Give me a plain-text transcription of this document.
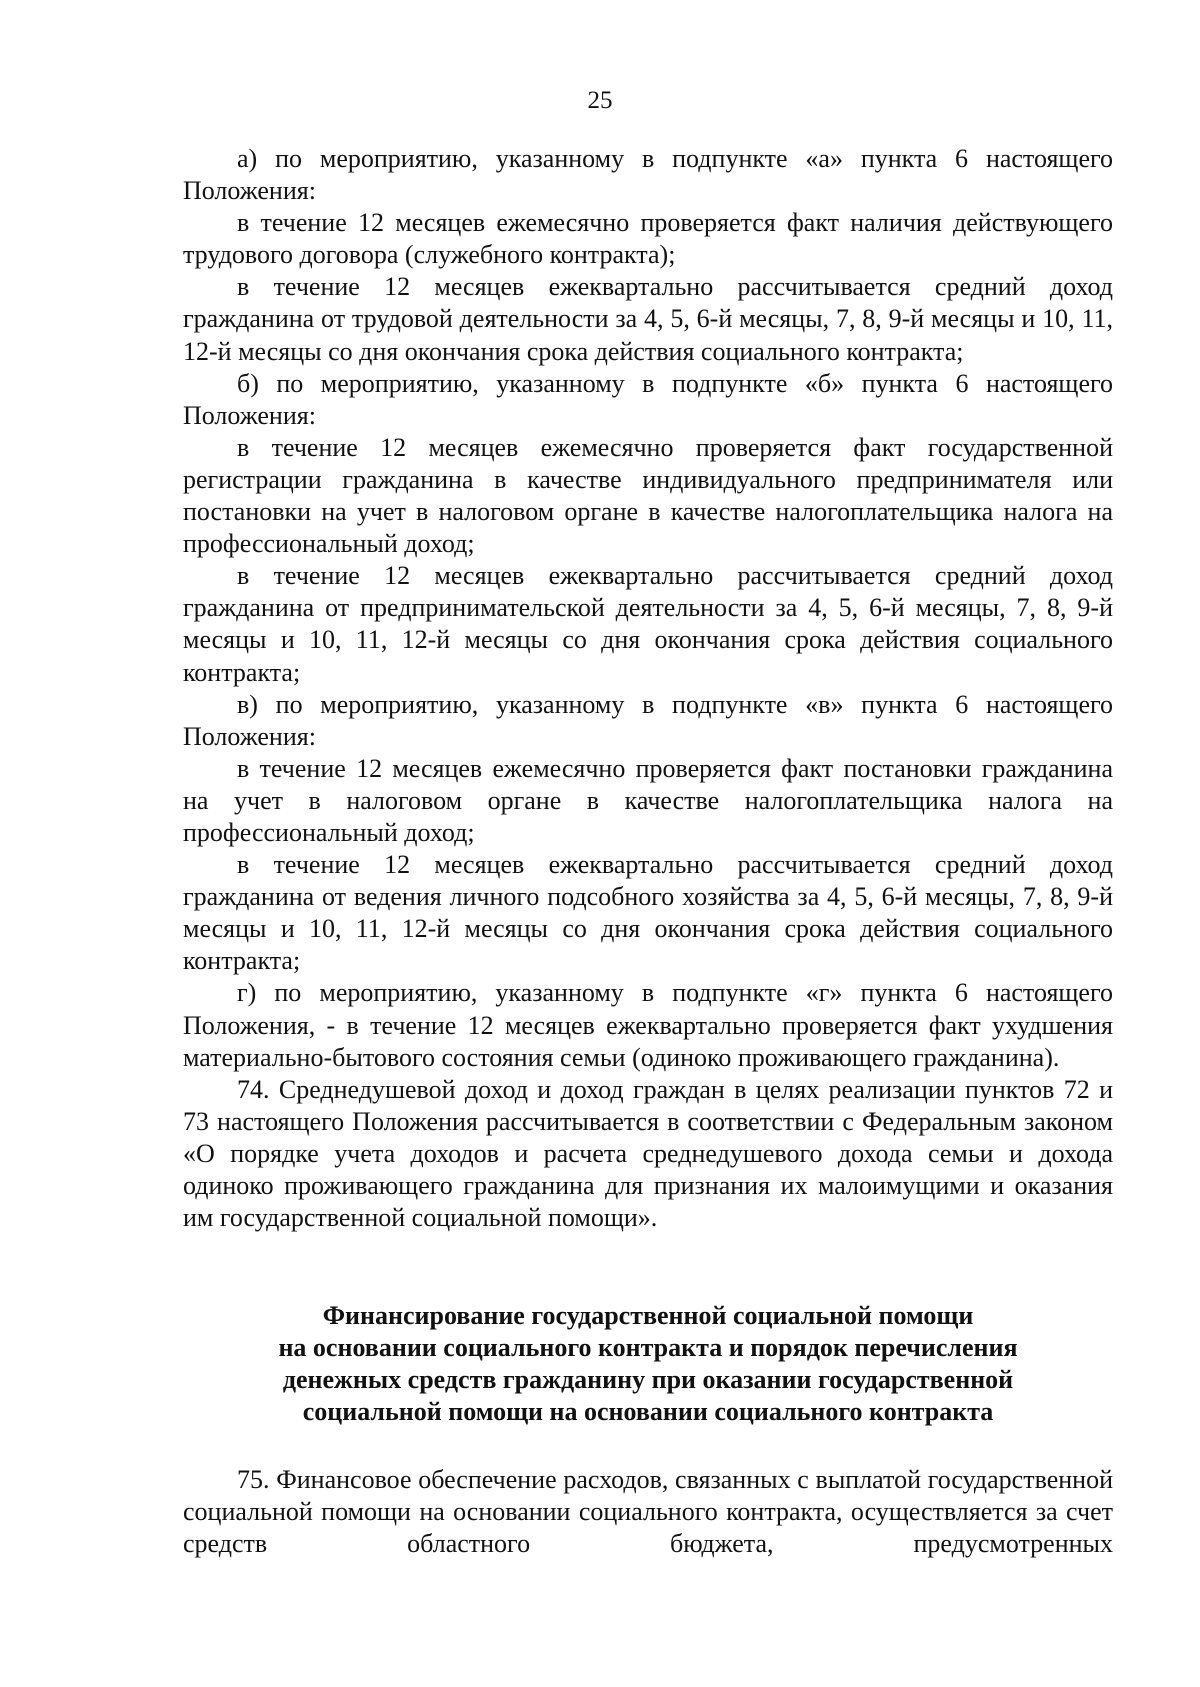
25

а) по мероприятию, указанному в подпункте «а» пункта 6 настоящего Положения:

в течение 12 месяцев ежемесячно проверяется факт наличия действующего трудового договора (служебного контракта);

в течение 12 месяцев ежеквартально рассчитывается средний доход гражданина от трудовой деятельности за 4, 5, 6-й месяцы, 7, 8, 9-й месяцы и 10, 11, 12-й месяцы со дня окончания срока действия социального контракта;

б) по мероприятию, указанному в подпункте «б» пункта 6 настоящего Положения:

в течение 12 месяцев ежемесячно проверяется факт государственной регистрации гражданина в качестве индивидуального предпринимателя или постановки на учет в налоговом органе в качестве налогоплательщика налога на профессиональный доход;

в течение 12 месяцев ежеквартально рассчитывается средний доход гражданина от предпринимательской деятельности за 4, 5, 6-й месяцы, 7, 8, 9-й месяцы и 10, 11, 12-й месяцы со дня окончания срока действия социального контракта;

в) по мероприятию, указанному в подпункте «в» пункта 6 настоящего Положения:

в течение 12 месяцев ежемесячно проверяется факт постановки гражданина на учет в налоговом органе в качестве налогоплательщика налога на профессиональный доход;

в течение 12 месяцев ежеквартально рассчитывается средний доход гражданина от ведения личного подсобного хозяйства за 4, 5, 6-й месяцы, 7, 8, 9-й месяцы и 10, 11, 12-й месяцы со дня окончания срока действия социального контракта;

г) по мероприятию, указанному в подпункте «г» пункта 6 настоящего Положения, - в течение 12 месяцев ежеквартально проверяется факт ухудшения материально-бытового состояния семьи (одиноко проживающего гражданина).

74. Среднедушевой доход и доход граждан в целях реализации пунктов 72 и 73 настоящего Положения рассчитывается в соответствии с Федеральным законом «О порядке учета доходов и расчета среднедушевого дохода семьи и дохода одиноко проживающего гражданина для признания их малоимущими и оказания им государственной социальной помощи».

Финансирование государственной социальной помощи
на основании социального контракта и порядок перечисления
денежных средств гражданину при оказании государственной
социальной помощи на основании социального контракта

75. Финансовое обеспечение расходов, связанных с выплатой государственной социальной помощи на основании социального контракта, осуществляется за счет средств областного бюджета, предусмотренных
